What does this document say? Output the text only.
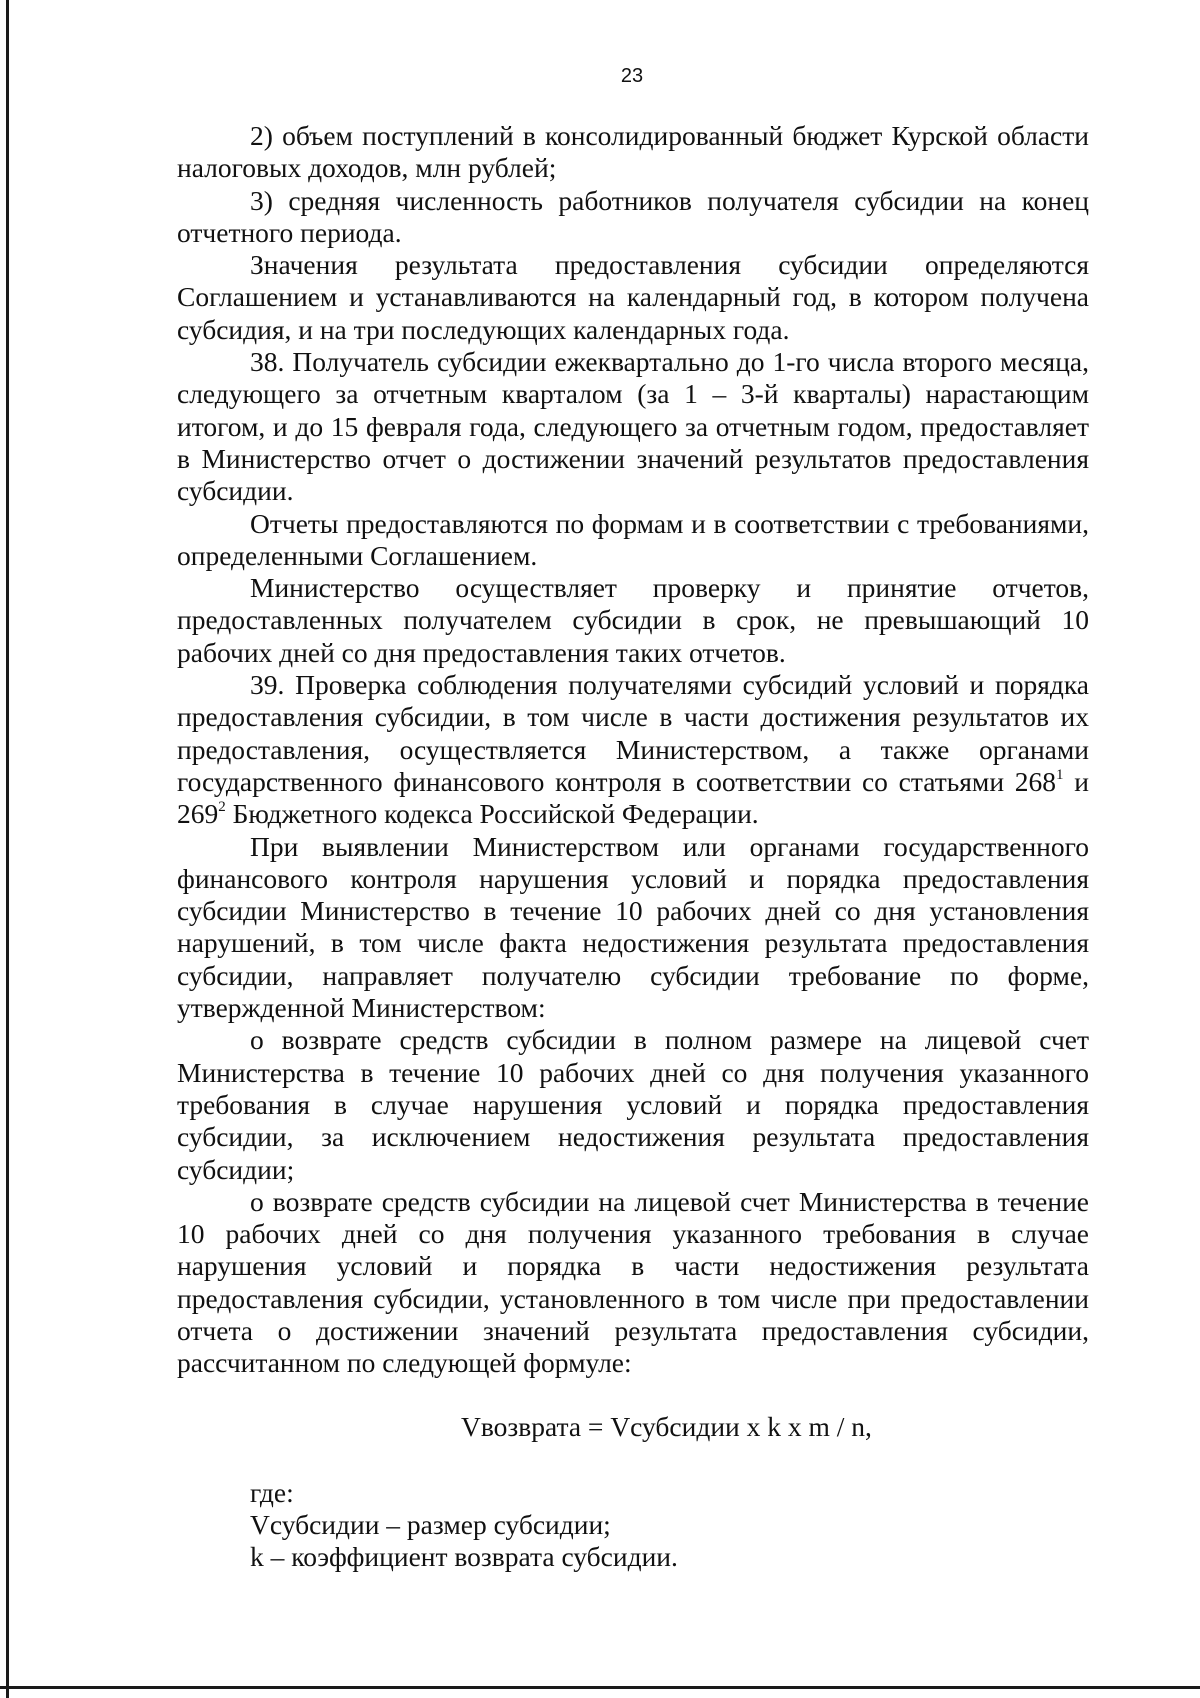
23

2) объем поступлений в консолидированный бюджет Курской области налоговых доходов, млн рублей;

3) средняя численность работников получателя субсидии на конец отчетного периода.

Значения результата предоставления субсидии определяются Соглашением и устанавливаются на календарный год, в котором получена субсидия, и на три последующих календарных года.

38. Получатель субсидии ежеквартально до 1-го числа второго месяца, следующего за отчетным кварталом (за 1 – 3-й кварталы) нарастающим итогом, и до 15 февраля года, следующего за отчетным годом, предоставляет в Министерство отчет о достижении значений результатов предоставления субсидии.

Отчеты предоставляются по формам и в соответствии с требованиями, определенными Соглашением.

Министерство осуществляет проверку и принятие отчетов, предоставленных получателем субсидии в срок, не превышающий 10 рабочих дней со дня предоставления таких отчетов.

39. Проверка соблюдения получателями субсидий условий и порядка предоставления субсидии, в том числе в части достижения результатов их предоставления, осуществляется Министерством, а также органами государственного финансового контроля в соответствии со статьями $268^1$ и $269^2$ Бюджетного кодекса Российской Федерации.

При выявлении Министерством или органами государственного финансового контроля нарушения условий и порядка предоставления субсидии Министерство в течение 10 рабочих дней со дня установления нарушений, в том числе факта недостижения результата предоставления субсидии, направляет получателю субсидии требование по форме, утвержденной Министерством:

о возврате средств субсидии в полном размере на лицевой счет Министерства в течение 10 рабочих дней со дня получения указанного требования в случае нарушения условий и порядка предоставления субсидии, за исключением недостижения результата предоставления субсидии;

о возврате средств субсидии на лицевой счет Министерства в течение 10 рабочих дней со дня получения указанного требования в случае нарушения условий и порядка в части недостижения результата предоставления субсидии, установленного в том числе при предоставлении отчета о достижении значений результата предоставления субсидии, рассчитанном по следующей формуле:

Vвозврата = Vсубсидии x k x m / n,

где:

Vсубсидии – размер субсидии;

k – коэффициент возврата субсидии.
